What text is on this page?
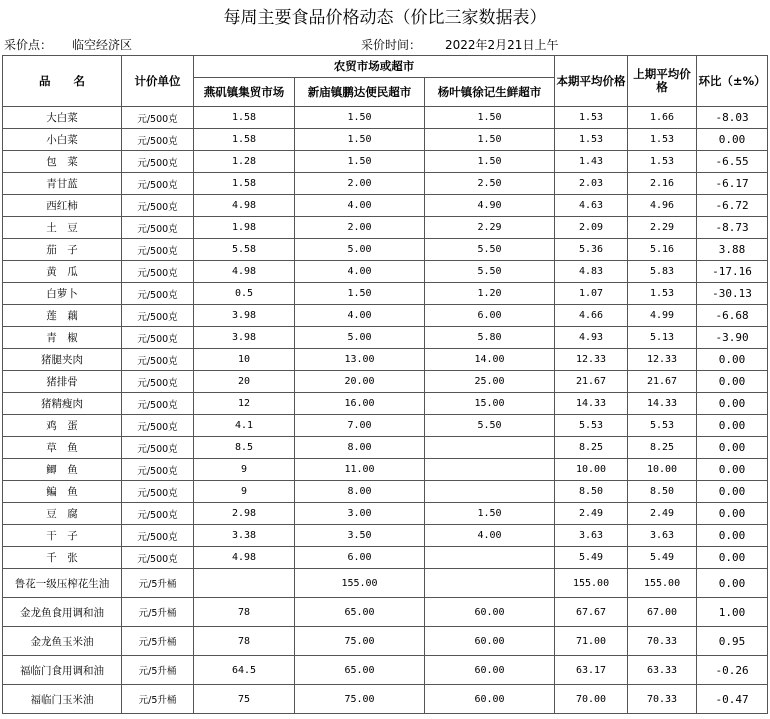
每周主要食品价格动态（价比三家数据表）
采价点： 临空经济区	采价时间： 2022年2月21日上午
品　　名	计价单位	农贸市场或超市			本期平均价格	上期平均价格	环比（±%）
		燕矶镇集贸市场	新庙镇鹏达便民超市	杨叶镇徐记生鲜超市			
大白菜	元/500克	1.58	1.50	1.50	1.53	1.66	-8.03
小白菜	元/500克	1.58	1.50	1.50	1.53	1.53	0.00
包　菜	元/500克	1.28	1.50	1.50	1.43	1.53	-6.55
青甘蓝	元/500克	1.58	2.00	2.50	2.03	2.16	-6.17
西红柿	元/500克	4.98	4.00	4.90	4.63	4.96	-6.72
土　豆	元/500克	1.98	2.00	2.29	2.09	2.29	-8.73
茄　子	元/500克	5.58	5.00	5.50	5.36	5.16	3.88
黄　瓜	元/500克	4.98	4.00	5.50	4.83	5.83	-17.16
白萝卜	元/500克	0.5	1.50	1.20	1.07	1.53	-30.13
莲　藕	元/500克	3.98	4.00	6.00	4.66	4.99	-6.68
青　椒	元/500克	3.98	5.00	5.80	4.93	5.13	-3.90
猪腿夹肉	元/500克	10	13.00	14.00	12.33	12.33	0.00
猪排骨	元/500克	20	20.00	25.00	21.67	21.67	0.00
猪精瘦肉	元/500克	12	16.00	15.00	14.33	14.33	0.00
鸡　蛋	元/500克	4.1	7.00	5.50	5.53	5.53	0.00
草　鱼	元/500克	8.5	8.00		8.25	8.25	0.00
鲫　鱼	元/500克	9	11.00		10.00	10.00	0.00
鳊　鱼	元/500克	9	8.00		8.50	8.50	0.00
豆　腐	元/500克	2.98	3.00	1.50	2.49	2.49	0.00
干　子	元/500克	3.38	3.50	4.00	3.63	3.63	0.00
千　张	元/500克	4.98	6.00		5.49	5.49	0.00
鲁花一级压榨花生油	元/5升桶		155.00		155.00	155.00	0.00
金龙鱼食用调和油	元/5升桶	78	65.00	60.00	67.67	67.00	1.00
金龙鱼玉米油	元/5升桶	78	75.00	60.00	71.00	70.33	0.95
福临门食用调和油	元/5升桶	64.5	65.00	60.00	63.17	63.33	-0.26
福临门玉米油	元/5升桶	75	75.00	60.00	70.00	70.33	-0.47
